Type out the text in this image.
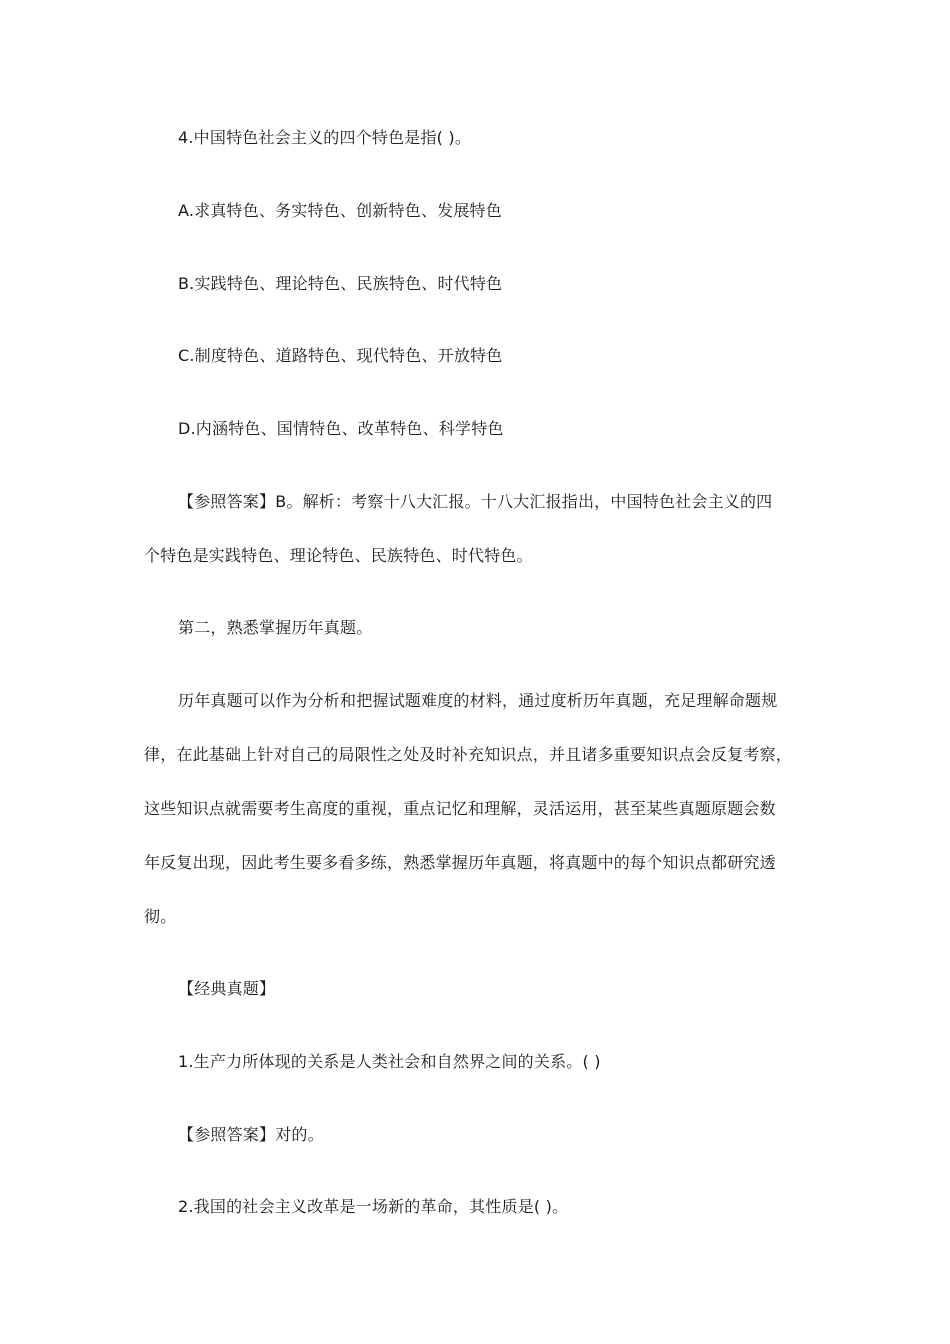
4.中国特色社会主义的四个特色是指( )。
A.求真特色、务实特色、创新特色、发展特色
B.实践特色、理论特色、民族特色、时代特色
C.制度特色、道路特色、现代特色、开放特色
D.内涵特色、国情特色、改革特色、科学特色
【参照答案】B。解析：考察十八大汇报。十八大汇报指出，中国特色社会主义的四
个特色是实践特色、理论特色、民族特色、时代特色。
第二，熟悉掌握历年真题。
历年真题可以作为分析和把握试题难度的材料，通过度析历年真题，充足理解命题规
律，在此基础上针对自己的局限性之处及时补充知识点，并且诸多重要知识点会反复考察，
这些知识点就需要考生高度的重视，重点记忆和理解，灵活运用，甚至某些真题原题会数
年反复出现，因此考生要多看多练，熟悉掌握历年真题，将真题中的每个知识点都研究透
彻。
【经典真题】
1.生产力所体现的关系是人类社会和自然界之间的关系。( )
【参照答案】对的。
2.我国的社会主义改革是一场新的革命，其性质是( )。
